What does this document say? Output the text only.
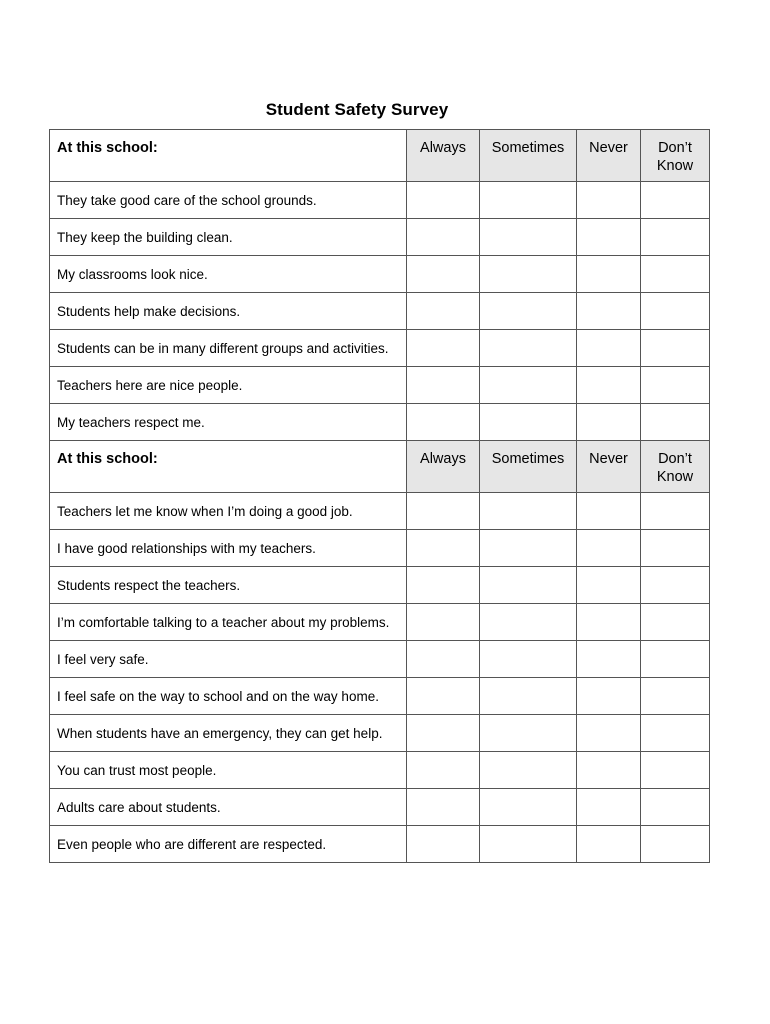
Student Safety Survey
At this school:	Always	Sometimes	Never	Don’t Know
They take good care of the school grounds.	

They keep the building clean.	

My classrooms look nice.	

Students help make decisions.	

Students can be in many different groups and activities.	

Teachers here are nice people.	

My teachers respect me.	

At this school:	Always	Sometimes	Never	Don’t Know
Teachers let me know when I’m doing a good job.	

I have good relationships with my teachers.	

Students respect the teachers.	

I’m comfortable talking to a teacher about my problems.	

I feel very safe.	

I feel safe on the way to school and on the way home.	

When students have an emergency, they can get help.	

You can trust most people.	

Adults care about students.	

Even people who are different are respected.	
